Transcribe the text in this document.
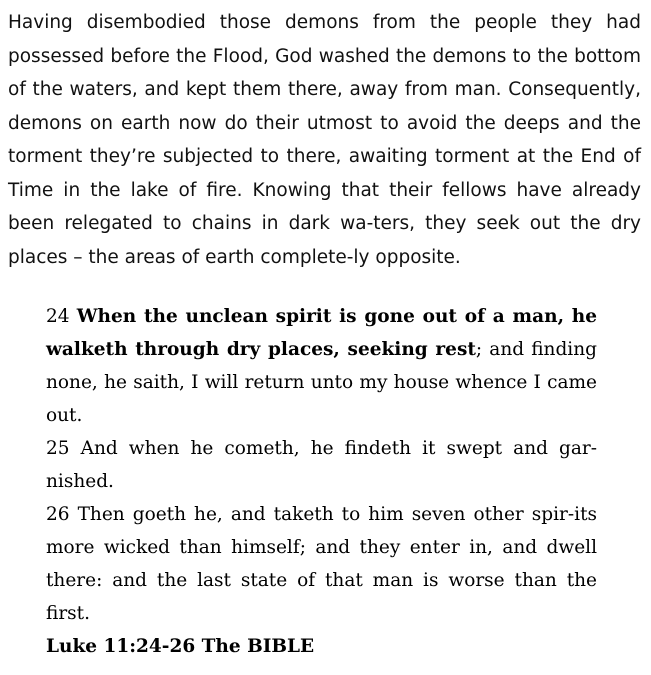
Having disembodied those demons from the people they had possessed before the Flood, God washed the demons to the bottom of the waters, and kept them there, away from man. Consequently, demons on earth now do their utmost to avoid the deeps and the torment they’re subjected to there, awaiting torment at the End of Time in the lake of fire. Knowing that their fellows have already been relegated to chains in dark wa-ters, they seek out the dry places – the areas of earth complete-ly opposite.

24 When the unclean spirit is gone out of a man, he walketh through dry places, seeking rest; and finding none, he saith, I will return unto my house whence I came out.

25 And when he cometh, he findeth it swept and gar-nished.

26 Then goeth he, and taketh to him seven other spir-its more wicked than himself; and they enter in, and dwell there: and the last state of that man is worse than the first.

Luke 11:24-26 The BIBLE
